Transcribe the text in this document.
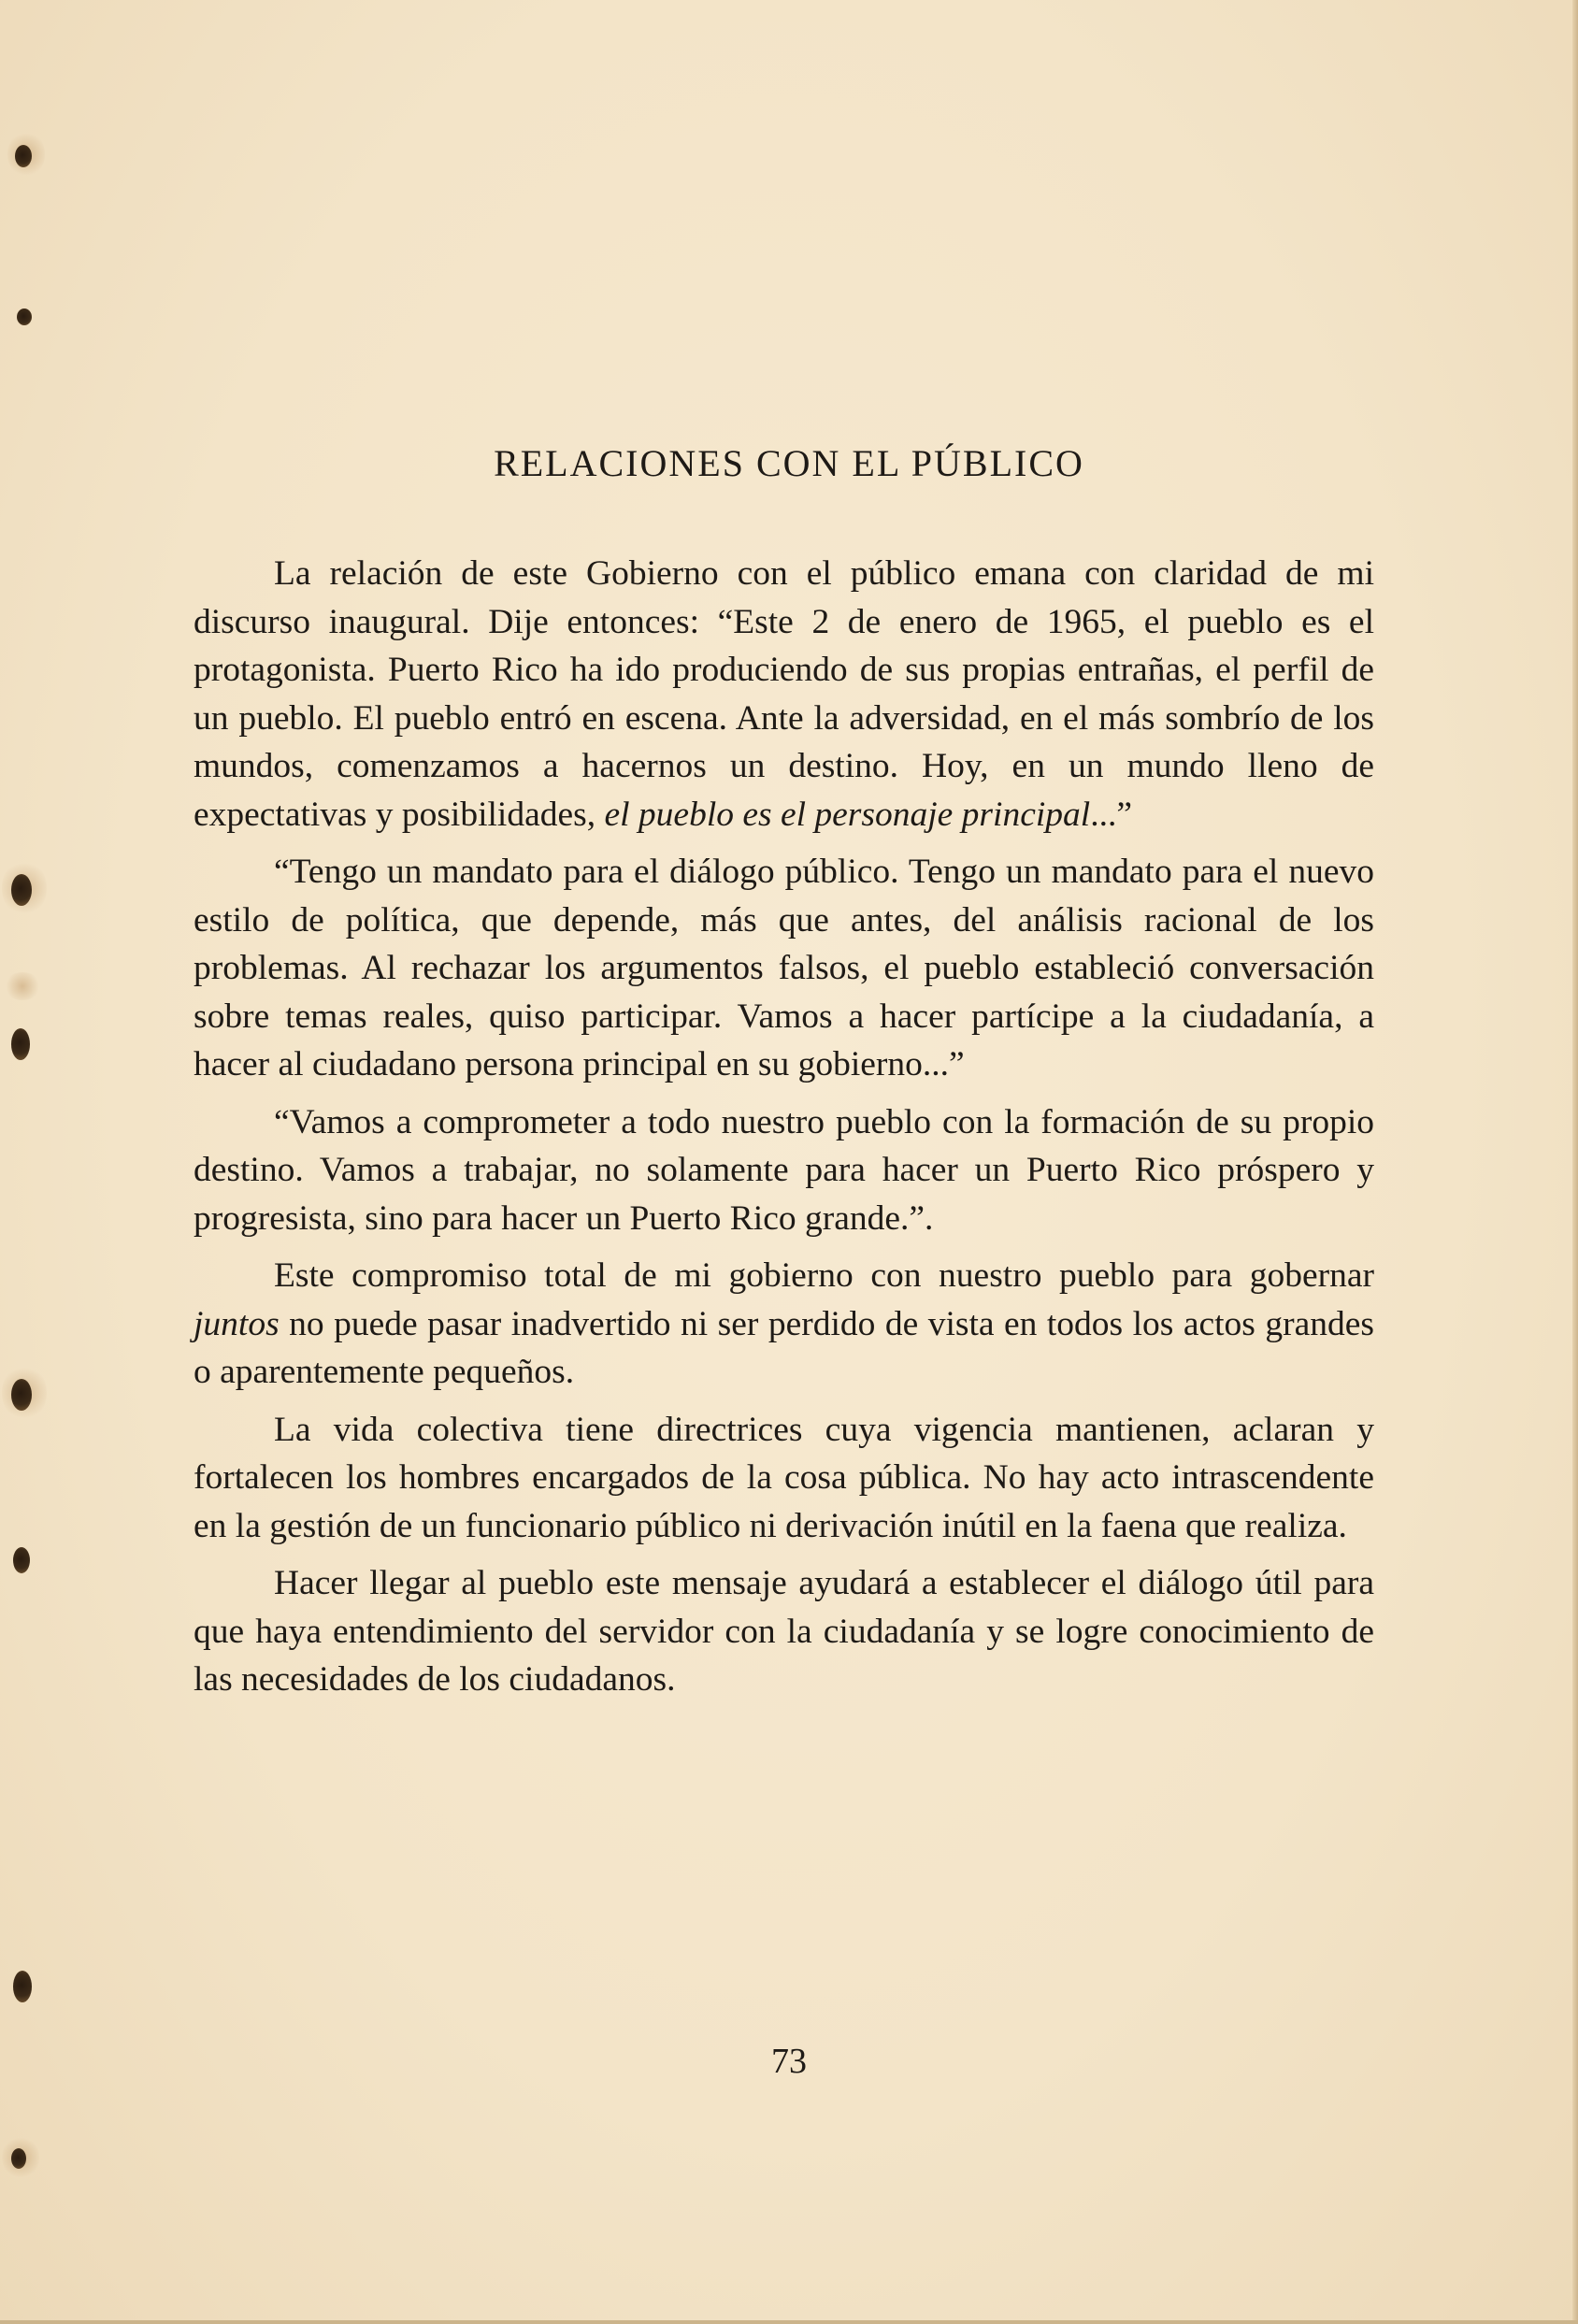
RELACIONES CON EL PÚBLICO

La relación de este Gobierno con el público emana con claridad de mi discurso inaugural. Dije entonces: “Este 2 de enero de 1965, el pueblo es el protagonista. Puerto Rico ha ido produciendo de sus propias entrañas, el perfil de un pueblo. El pueblo entró en escena. Ante la adversidad, en el más sombrío de los mundos, comenzamos a hacernos un destino. Hoy, en un mundo lleno de expectativas y posibilidades, el pueblo es el personaje principal...”

“Tengo un mandato para el diálogo público. Tengo un mandato para el nuevo estilo de política, que depende, más que antes, del análisis racional de los problemas. Al rechazar los argumentos falsos, el pueblo estableció conversación sobre temas reales, quiso participar. Vamos a hacer partícipe a la ciudadanía, a hacer al ciudadano persona principal en su gobierno...”

“Vamos a comprometer a todo nuestro pueblo con la formación de su propio destino. Vamos a trabajar, no solamente para hacer un Puerto Rico próspero y progresista, sino para hacer un Puerto Rico grande.”.

Este compromiso total de mi gobierno con nuestro pueblo para gobernar juntos no puede pasar inadvertido ni ser perdido de vista en todos los actos grandes o aparentemente pequeños.

La vida colectiva tiene directrices cuya vigencia mantienen, aclaran y fortalecen los hombres encargados de la cosa pública. No hay acto intrascendente en la gestión de un funcionario público ni derivación inútil en la faena que realiza.

Hacer llegar al pueblo este mensaje ayudará a establecer el diálogo útil para que haya entendimiento del servidor con la ciudadanía y se logre conocimiento de las necesidades de los ciudadanos.

73
